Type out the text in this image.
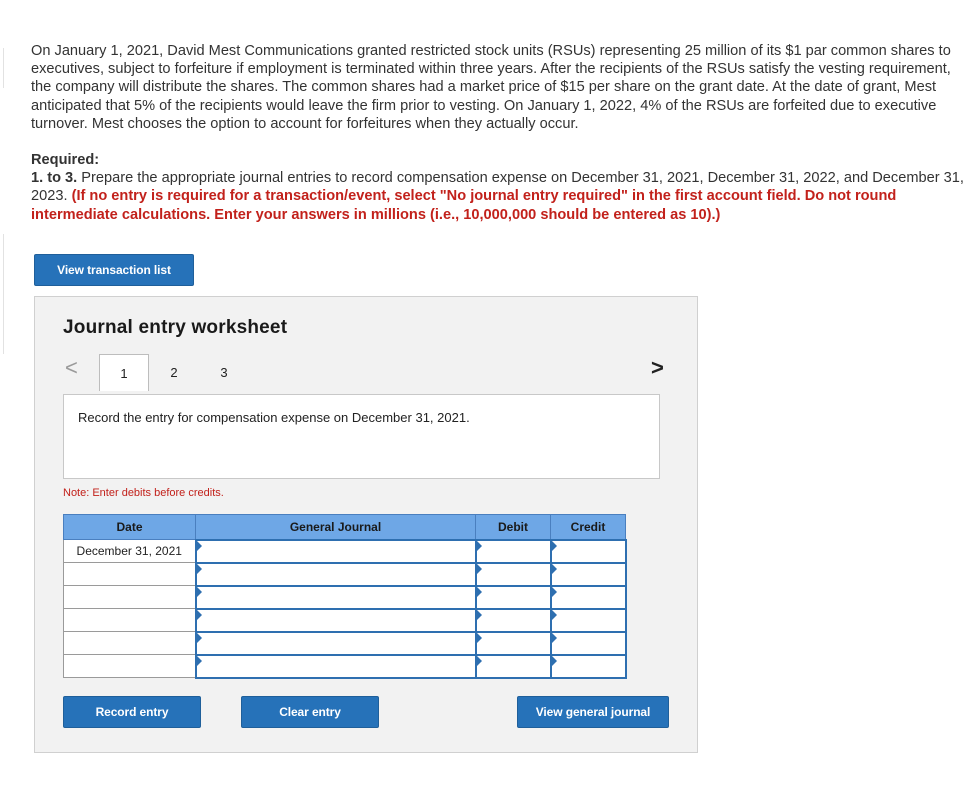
On January 1, 2021, David Mest Communications granted restricted stock units (RSUs) representing 25 million of its $1 par common shares to executives, subject to forfeiture if employment is terminated within three years. After the recipients of the RSUs satisfy the vesting requirement, the company will distribute the shares. The common shares had a market price of $15 per share on the grant date. At the date of grant, Mest anticipated that 5% of the recipients would leave the firm prior to vesting. On January 1, 2022, 4% of the RSUs are forfeited due to executive turnover. Mest chooses the option to account for forfeitures when they actually occur.
Required:
1. to 3. Prepare the appropriate journal entries to record compensation expense on December 31, 2021, December 31, 2022, and December 31, 2023. (If no entry is required for a transaction/event, select "No journal entry required" in the first account field. Do not round intermediate calculations. Enter your answers in millions (i.e., 10,000,000 should be entered as 10).)
View transaction list
Journal entry worksheet
<	1	2	3	>
Record the entry for compensation expense on December 31, 2021.
Note: Enter debits before credits.
Date	General Journal	Debit	Credit
December 31, 2021			

Record entry	Clear entry	View general journal
